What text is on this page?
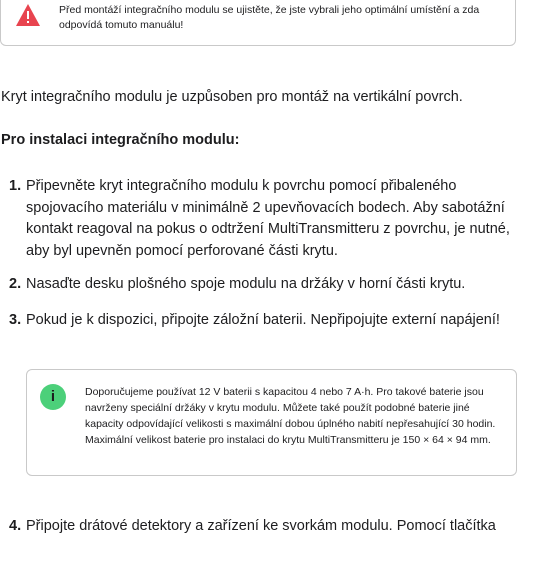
Před montáží integračního modulu se ujistěte, že jste vybrali jeho optimální umístění a zda odpovídá tomuto manuálu!

Kryt integračního modulu je uzpůsoben pro montáž na vertikální povrch.

Pro instalaci integračního modulu:

1. Připevněte kryt integračního modulu k povrchu pomocí přibaleného spojovacího materiálu v minimálně 2 upevňovacích bodech. Aby sabotážní kontakt reagoval na pokus o odtržení MultiTransmitteru z povrchu, je nutné, aby byl upevněn pomocí perforované části krytu.
2. Nasaďte desku plošného spoje modulu na držáky v horní části krytu.
3. Pokud je k dispozici, připojte záložní baterii. Nepřipojujte externí napájení!
i	Doporučujeme používat 12 V baterii s kapacitou 4 nebo 7 A·h. Pro takové baterie jsou navrženy speciální držáky v krytu modulu. Můžete také použít podobné baterie jiné kapacity odpovídající velikosti s maximální dobou úplného nabití nepřesahující 30 hodin. Maximální velikost baterie pro instalaci do krytu MultiTransmitteru je 150 × 64 × 94 mm.
4. Připojte drátové detektory a zařízení ke svorkám modulu. Pomocí tlačítka
